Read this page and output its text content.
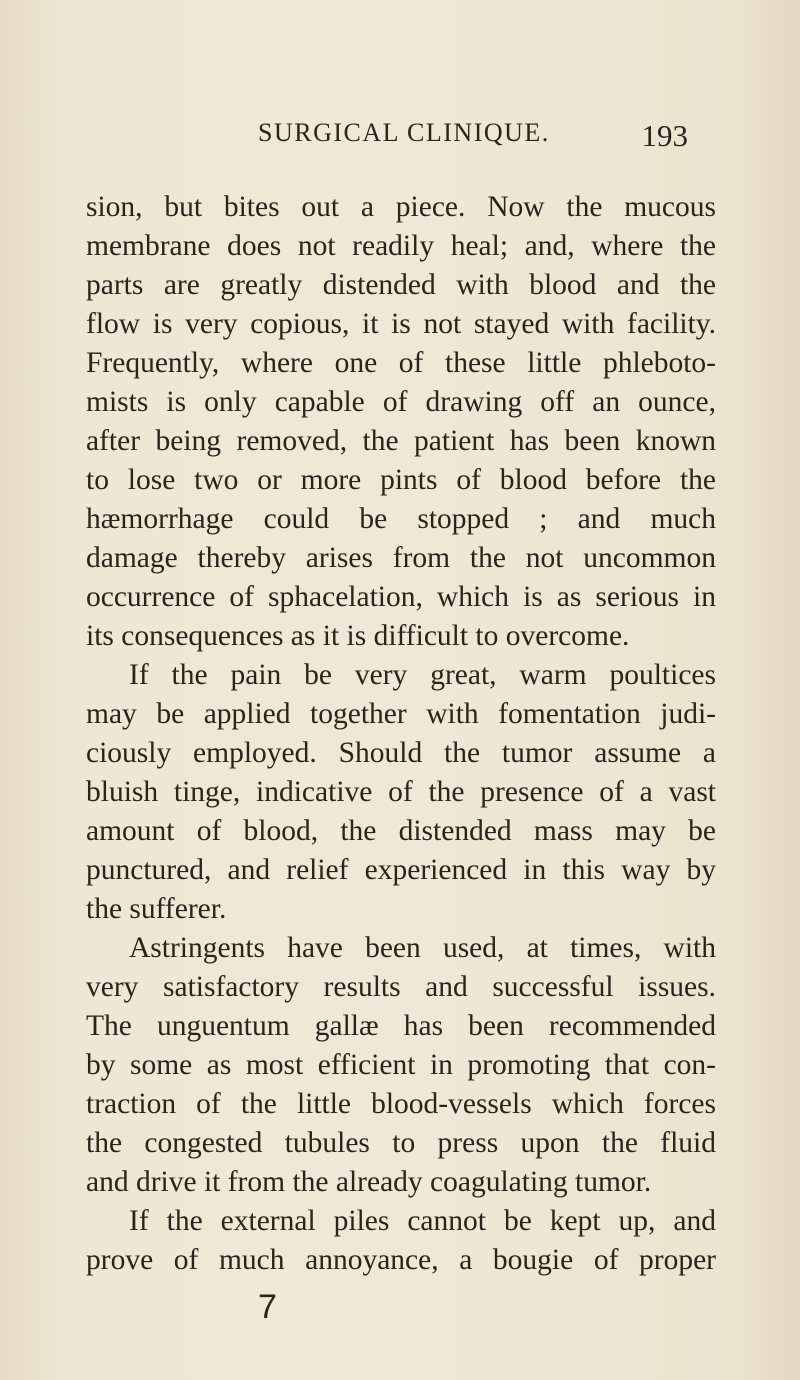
SURGICAL CLINIQUE.	193
sion, but bites out a piece. Now the mucous
membrane does not readily heal; and, where the
parts are greatly distended with blood and the
flow is very copious, it is not stayed with facility.
Frequently, where one of these little phleboto-
mists is only capable of drawing off an ounce,
after being removed, the patient has been known
to lose two or more pints of blood before the
hæmorrhage could be stopped ; and much
damage thereby arises from the not uncommon
occurrence of sphacelation, which is as serious in
its consequences as it is difficult to overcome.
If the pain be very great, warm poultices
may be applied together with fomentation judi-
ciously employed. Should the tumor assume a
bluish tinge, indicative of the presence of a vast
amount of blood, the distended mass may be
punctured, and relief experienced in this way by
the sufferer.
Astringents have been used, at times, with
very satisfactory results and successful issues.
The unguentum gallæ has been recommended
by some as most efficient in promoting that con-
traction of the little blood-vessels which forces
the congested tubules to press upon the fluid
and drive it from the already coagulating tumor.
If the external piles cannot be kept up, and
prove of much annoyance, a bougie of proper
7
